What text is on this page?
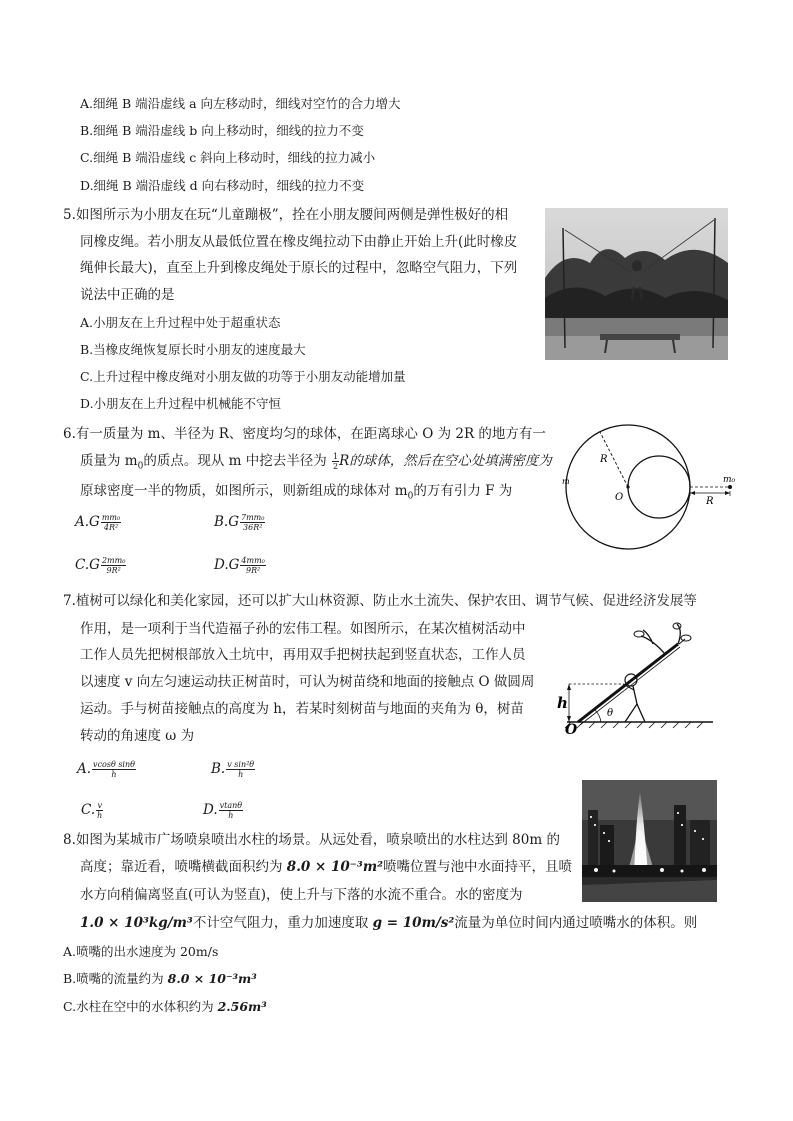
A.细绳 B 端沿虚线 a 向左移动时，细线对空竹的合力增大
B.细绳 B 端沿虚线 b 向上移动时，细线的拉力不变
C.细绳 B 端沿虚线 c 斜向上移动时，细线的拉力减小
D.细绳 B 端沿虚线 d 向右移动时，细线的拉力不变
5.如图所示为小朋友在玩“儿童蹦极”，拴在小朋友腰间两侧是弹性极好的相
同橡皮绳。若小朋友从最低位置在橡皮绳拉动下由静止开始上升(此时橡皮
绳伸长最大)，直至上升到橡皮绳处于原长的过程中，忽略空气阻力，下列
说法中正确的是
A.小朋友在上升过程中处于超重状态
B.当橡皮绳恢复原长时小朋友的速度最大
C.上升过程中橡皮绳对小朋友做的功等于小朋友动能增加量
D.小朋友在上升过程中机械能不守恒
6.有一质量为 m、半径为 R、密度均匀的球体，在距离球心 O 为 2R 的地方有一
质量为 $m_0$的质点。现从 m 中挖去半径为 $\frac{1}{2}$ R的球体，然后在空心处填满密度为
原球密度一半的物质，如图所示，则新组成的球体对 $m_0$的万有引力 F 为
$A.G \frac{\text{mm₀}}{\text{4R²}}$	$B.G \frac{\text{7mm₀}}{\text{36R²}}$
$C.G \frac{\text{2mm₀}}{\text{9R²}}$	$D.G \frac{\text{4mm₀}}{\text{9R²}}$
R
O	R
m₀
m
7.植树可以绿化和美化家园，还可以扩大山林资源、防止水土流失、保护农田、调节气候、促进经济发展等
作用，是一项利于当代造福子孙的宏伟工程。如图所示，在某次植树活动中
工作人员先把树根部放入土坑中，再用双手把树扶起到竖直状态，工作人员
以速度 v 向左匀速运动扶正树苗时，可认为树苗绕和地面的接触点 O 做圆周
运动。手与树苗接触点的高度为 h，若某时刻树苗与地面的夹角为 θ，树苗
转动的角速度 ω 为
A. $\frac{\text{vcosθ sinθ}}{h}$	B. $\frac{\text{v sin²θ}}{h}$
C. $\frac{v}{h}$	D. $\frac{vtan\theta}{h}$
h
θ
O
8.如图为某城市广场喷泉喷出水柱的场景。从远处看，喷泉喷出的水柱达到 80m 的
高度；靠近看，喷嘴横截面积约为 8.0 × 10⁻³m²喷嘴位置与池中水面持平，且喷
水方向稍偏离竖直(可认为竖直)，使上升与下落的水流不重合。水的密度为
1.0 × 10³kg/m³不计空气阻力，重力加速度取 g = 10m/s²流量为单位时间内通过喷嘴水的体积。则
A.喷嘴的出水速度为 20m/s
B.喷嘴的流量约为 8.0 × 10⁻³m³
C.水柱在空中的水体积约为 2.56m³
